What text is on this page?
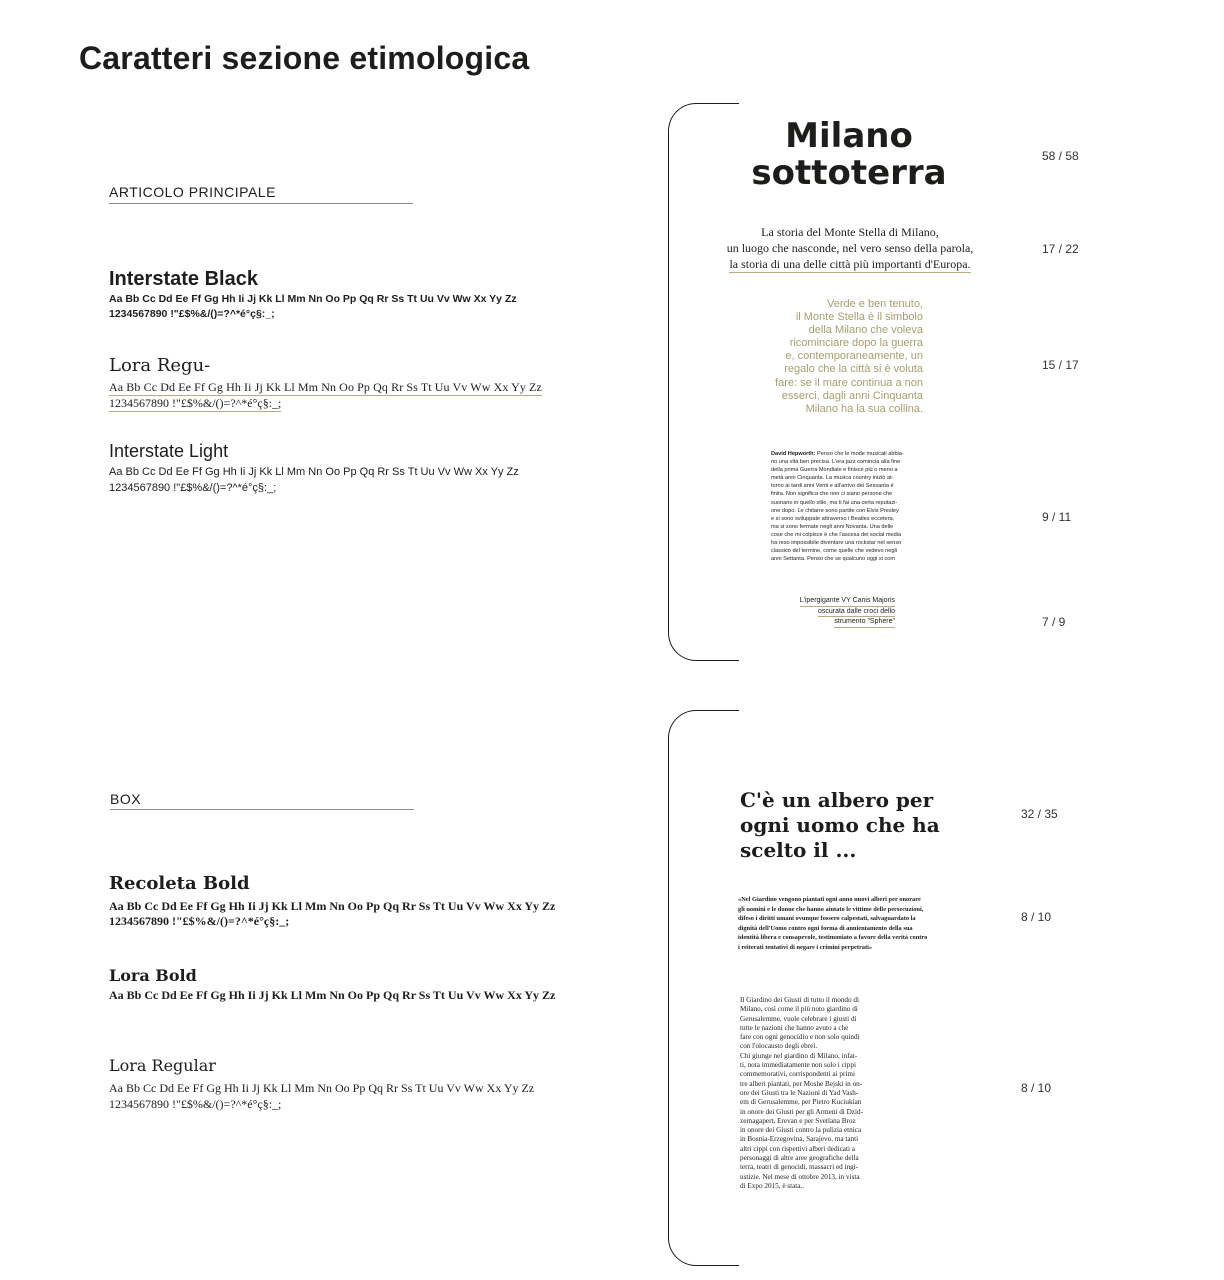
Caratteri sezione etimologica
ARTICOLO PRINCIPALE
Interstate Black
Aa Bb Cc Dd Ee Ff Gg Hh Ii Jj Kk Ll Mm Nn Oo Pp Qq Rr Ss Tt Uu Vv Ww Xx Yy Zz
1234567890 !"£$%&/()=?^*é°ç§:_;
Lora Regu-
Aa Bb Cc Dd Ee Ff Gg Hh Ii Jj Kk Ll Mm Nn Oo Pp Qq Rr Ss Tt Uu Vv Ww Xx Yy Zz
1234567890 !"£$%&/()=?^*é°ç§:_;
Interstate Light
Aa Bb Cc Dd Ee Ff Gg Hh Ii Jj Kk Ll Mm Nn Oo Pp Qq Rr Ss Tt Uu Vv Ww Xx Yy Zz
1234567890 !"£$%&/()=?^*é°ç§:_;
BOX
Recoleta Bold
Aa Bb Cc Dd Ee Ff Gg Hh Ii Jj Kk Ll Mm Nn Oo Pp Qq Rr Ss Tt Uu Vv Ww Xx Yy Zz
1234567890 !"£$%&/()=?^*é°ç§:_;
Lora Bold
Aa Bb Cc Dd Ee Ff Gg Hh Ii Jj Kk Ll Mm Nn Oo Pp Qq Rr Ss Tt Uu Vv Ww Xx Yy Zz
Lora Regular
Aa Bb Cc Dd Ee Ff Gg Hh Ii Jj Kk Ll Mm Nn Oo Pp Qq Rr Ss Tt Uu Vv Ww Xx Yy Zz
1234567890 !"£$%&/()=?^*é°ç§:_;
Milano
sottoterra
La storia del Monte Stella di Milano,
un luogo che nasconde, nel vero senso della parola,
la storia di una delle città più importanti d'Europa.
Verde e ben tenuto,
il Monte Stella è il simbolo
della Milano che voleva
ricominciare dopo la guerra
e, contemporaneamente, un
regalo che la città si è voluta
fare: se il mare continua a non
esserci, dagli anni Cinquanta
Milano ha la sua collina.
David Hepworth: Penso che le mode musicali abbia-
no una vita ben precisa. L'era jazz comincia alla fine
della prima Guerra Mondiale e finisce più o meno a
metà anni Cinquanta. La musica country iniziò at-
torno ai tardi anni Venti e all'arrivo dei Sessanta è
finita. Non significa che non ci siano persone che
suonano in quello stile, ma ti fai una certa reputazi-
one dopo. Le chitarre sono partite con Elvis Presley
e si sono sviluppate attraverso i Beatles eccetera,
ma si sono fermate negli anni Novanta. Una delle
cose che mi colpisce è che l'ascesa dei social media
ha reso impossibile diventare una rockstar nel senso
classico del termine, come quelle che vedevo negli
anni Settanta. Penso che se qualcuno oggi si com
L'ipergigante VY Canis Majoris
oscurata dalle croci dello
strumento "Sphere"
58 / 58
17 / 22
15 / 17
9 / 11
7 / 9
C'è un albero per
ogni uomo che ha
scelto il ...
«Nel Giardino vengono piantati ogni anno nuovi alberi per onorare
gli uomini e le donne che hanno aiutato le vittime delle persecuzioni,
difeso i diritti umani ovunque fossero calpestati, salvaguardato la
dignità dell'Uomo contro ogni forma di annientamento della sua
identità libera e consapevole, testimoniato a favore della verità contro
i reiterati tentativi di negare i crimini perpetrati»
Il Giardino dei Giusti di tutto il mondo di
Milano, così come il più noto giardino di
Gerusalemme, vuole celebrare i giusti di
tutte le nazioni che hanno avuto a che
fare con ogni genocidio e non solo quindi
con l'olocausto degli ebrei.
Chi giunge nel giardino di Milano, infat-
ti, nota immediatamente non solo i cippi
commemorativi, corrispondenti ai primi
tre alberi piantati, per Moshe Bejski in on-
ore dei Giusti tra le Nazioni di Yad Vash-
em di Gerusalemme, per Pietro Kuciukian
in onore dei Giusti per gli Armeni di Dzid-
zernagapert, Erevan e per Svetlana Broz
in onore dei Giusti contro la pulizia etnica
in Bosnia-Erzegovina, Sarajevo, ma tanti
altri cippi con rispettivi alberi dedicati a
personaggi di altre aree geografiche della
terra, teatri di genocidi, massacri ed ingi-
ustizie. Nel mese di ottobre 2013, in vista
di Expo 2015, è stata..
32 / 35
8 / 10
8 / 10
